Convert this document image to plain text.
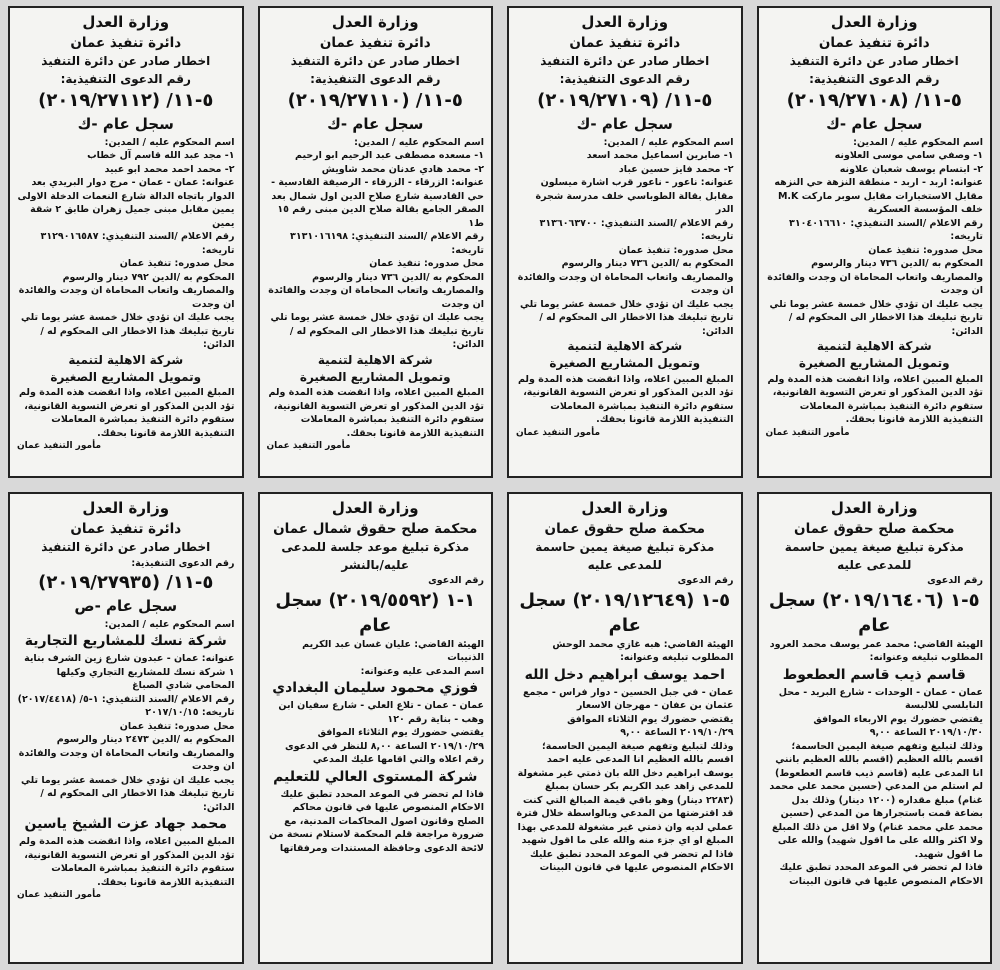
وزارة العدل
دائرة تنفيذ عمان
اخطار صادر عن دائرة التنفيذ
رقم الدعوى التنفيذية:
٥-١١/ (٢٠١٩/٢٧١١٢)
سجل عام -ك
اسم المحكوم عليه / المدين:

١- مجد عبد الله قاسم آل خطاب

٢- محمد احمد محمد ابو عبيد

عنوانه: عمان - عمان - مرج دوار البريدي بعد الدوار باتجاه الدالة شارع النعمات الدخلة الاولى يمين مقابل مبنى جميل زهران طابق ٢ شقة يمين

رقم الاعلام /السند التنفيذي: ٣١٢٩٠١٦٥٨٧ تاريخه:

محل صدوره: تنفيذ عمان

المحكوم به /الدين ٧٩٢ دينار والرسوم والمصاريف واتعاب المحاماة ان وجدت والفائدة ان وجدت

يجب عليك ان تؤدي خلال خمسة عشر يوما تلي تاريخ تبليغك هذا الاخطار الى المحكوم له / الدائن:

شركة الاهلية لتنمية

وتمويل المشاريع الصغيرة

المبلغ المبين اعلاه، واذا انقضت هذه المدة ولم تؤد الدين المذكور او تعرض التسوية القانونية، ستقوم دائرة التنفيذ بمباشرة المعاملات التنفيذية اللازمة قانونا بحقك.

مأمور التنفيذ عمان

وزارة العدل
دائرة تنفيذ عمان
اخطار صادر عن دائرة التنفيذ
رقم الدعوى التنفيذية:
٥-١١/ (٢٠١٩/٢٧١١٠)
سجل عام -ك
اسم المحكوم عليه / المدين:

١- مسعده مصطفى عبد الرحيم ابو ارحيم

٢- محمد هادي عدنان محمد شاويش

عنوانه: الزرقاء - الزرقاء - الرصيفة القادسية - حي القادسية شارع صلاح الدين اول شمال بعد الصقر الجامع بقالة صلاح الدين مبنى رقم ١٥ ط١

رقم الاعلام /السند التنفيذي: ٣١٣١٠١٦١٩٨ تاريخه:

محل صدوره: تنفيذ عمان

المحكوم به /الدين ٧٣٦ دينار والرسوم والمصاريف واتعاب المحاماة ان وجدت والفائدة ان وجدت

يجب عليك ان تؤدي خلال خمسة عشر يوما تلي تاريخ تبليغك هذا الاخطار الى المحكوم له / الدائن:

شركة الاهلية لتنمية

وتمويل المشاريع الصغيرة

المبلغ المبين اعلاه، واذا انقضت هذه المدة ولم تؤد الدين المذكور او تعرض التسوية القانونية، ستقوم دائرة التنفيذ بمباشرة المعاملات التنفيذية اللازمة قانونا بحقك.

مأمور التنفيذ عمان

وزارة العدل
دائرة تنفيذ عمان
اخطار صادر عن دائرة التنفيذ
رقم الدعوى التنفيذية:
٥-١١/ (٢٠١٩/٢٧١٠٩)
سجل عام -ك
اسم المحكوم عليه / المدين:

١- صابرين اسماعيل محمد اسعد

٢- محمد فايز حسين عباد

عنوانه: ناعور - ناعور قرب اشارة ميسلون مقابل بقالة الطوباسي خلف مدرسة شجرة الدر

رقم الاعلام /السند التنفيذي: ٣١٣٦٠٦٣٧٠٠ تاريخه:

محل صدوره: تنفيذ عمان

المحكوم به /الدين ٧٣٦ دينار والرسوم والمصاريف واتعاب المحاماة ان وجدت والفائدة ان وجدت

يجب عليك ان تؤدي خلال خمسة عشر يوما تلي تاريخ تبليغك هذا الاخطار الى المحكوم له / الدائن:

شركة الاهلية لتنمية

وتمويل المشاريع الصغيرة

المبلغ المبين اعلاه، واذا انقضت هذه المدة ولم تؤد الدين المذكور او تعرض التسوية القانونية، ستقوم دائرة التنفيذ بمباشرة المعاملات التنفيذية اللازمة قانونا بحقك.

مأمور التنفيذ عمان

وزارة العدل
دائرة تنفيذ عمان
اخطار صادر عن دائرة التنفيذ
رقم الدعوى التنفيذية:
٥-١١/ (٢٠١٩/٢٧١٠٨)
سجل عام -ك
اسم المحكوم عليه / المدين:

١- وصفي سامي موسى العلاونه

٢- ابتسام يوسف شعبان علاونه

عنوانه: اربد - اربد - منطقة النزهة حي النزهه مقابل الاستخبارات مقابل سوبر ماركت M.K خلف المؤسسة العسكرية

رقم الاعلام /السند التنفيذي: ٣١٠٤٠١٦٦١٠ تاريخه:

محل صدوره: تنفيذ عمان

المحكوم به /الدين ٧٣٦ دينار والرسوم والمصاريف واتعاب المحاماة ان وجدت والفائدة ان وجدت

يجب عليك ان تؤدي خلال خمسة عشر يوما تلي تاريخ تبليغك هذا الاخطار الى المحكوم له / الدائن:

شركة الاهلية لتنمية

وتمويل المشاريع الصغيرة

المبلغ المبين اعلاه، واذا انقضت هذه المدة ولم تؤد الدين المذكور او تعرض التسوية القانونية، ستقوم دائرة التنفيذ بمباشرة المعاملات التنفيذية اللازمة قانونا بحقك.

مأمور التنفيذ عمان

وزارة العدل
دائرة تنفيذ عمان
اخطار صادر عن دائرة التنفيذ
رقم الدعوى التنفيذية:
٥-١١/ (٢٠١٩/٢٧٩٣٥)

سجل عام -ص

اسم المحكوم عليه / المدين:

شركة نسك للمشاريع التجارية

عنوانه: عمان - عبدون شارع زين الشرف بناية ١ شركة نسك للمشاريع التجاري وكيلها المحامي شادي الصباغ

رقم الاعلام /السند التنفيذي: ١-٥/ (٢٠١٧/٤٤١٨) تاريخه: ٢٠١٧/١٠/١٥

محل صدوره: تنفيذ عمان

المحكوم به /الدين ٢٤٧٣ دينار والرسوم والمصاريف واتعاب المحاماة ان وجدت والفائدة ان وجدت

يجب عليك ان تؤدي خلال خمسة عشر يوما تلي تاريخ تبليغك هذا الاخطار الى المحكوم له / الدائن:

محمد جهاد عزت الشيخ ياسين

المبلغ المبين اعلاه، واذا انقضت هذه المدة ولم تؤد الدين المذكور او تعرض التسوية القانونية، ستقوم دائرة التنفيذ بمباشرة المعاملات التنفيذية اللازمة قانونا بحقك.

مأمور التنفيذ عمان

وزارة العدل
محكمة صلح حقوق شمال عمان
مذكرة تبليغ موعد جلسة للمدعى عليه/بالنشر
رقم الدعوى
١-١ (٢٠١٩/٥٥٩٢) سجل عام

الهيئة القاضي: عليان غسان عبد الكريم الذنيبات

اسم المدعى عليه وعنوانه:

فوزي محمود سليمان البغدادي

عمان - عمان - تلاع العلي - شارع سفيان ابن وهب - بناية رقم ١٢٠

يقتضي حضورك يوم الثلاثاء الموافق ٢٠١٩/١٠/٢٩ الساعة ٨,٠٠ للنظر في الدعوى رقم اعلاه والتي اقامها عليك المدعي

شركة المستوى العالي للتعليم

فاذا لم تحضر في الموعد المحدد تطبق عليك الاحكام المنصوص عليها في قانون محاكم الصلح وقانون اصول المحاكمات المدنية، مع ضرورة مراجعة قلم المحكمة لاستلام نسخة من لائحة الدعوى وحافظة المستندات ومرفقاتها

وزارة العدل
محكمة صلح حقوق عمان
مذكرة تبليغ صيغة يمين حاسمة للمدعى عليه
رقم الدعوى
٥-١ (٢٠١٩/١٢٦٤٩) سجل عام

الهيئة القاضي: هبه غازي محمد الوحش

المطلوب تبليغه وعنوانه:

احمد يوسف ابراهيم دخل الله

عمان - في جبل الحسين - دوار فراس - مجمع عثمان بن عفان - مهرجان الاسعار

يقتضي حضورك يوم الثلاثاء الموافق ٢٠١٩/١٠/٢٩ الساعة ٩,٠٠

وذلك لتبليغ وتفهم صيغة اليمين الحاسمة؛ اقسم بالله العظيم انا المدعى عليه احمد يوسف ابراهيم دخل الله بان ذمتي غير مشغولة للمدعي زاهد عبد الكريم بكر حسان بمبلغ (٢٢٨٣ دينار) وهو باقي قيمة المبالغ التي كنت قد اقترضتها من المدعي وبالواسطة خلال فترة عملي لديه وان ذمتي غير مشغولة للمدعي بهذا المبلغ او اي جزء منه والله على ما اقول شهيد

فاذا لم تحضر في الموعد المحدد تطبق عليك الاحكام المنصوص عليها في قانون البينات

وزارة العدل
محكمة صلح حقوق عمان
مذكرة تبليغ صيغة يمين حاسمة للمدعى عليه
رقم الدعوى
٥-١ (٢٠١٩/١٦٤٠٦) سجل عام

الهيئة القاضي: محمد عمر يوسف محمد العرود

المطلوب تبليغه وعنوانه:

قاسم ذيب قاسم العطعوط

عمان - عمان - الوحدات - شارع البريد - محل النابلسي للالبسة

يقتضي حضورك يوم الاربعاء الموافق ٢٠١٩/١٠/٣٠ الساعة ٩,٠٠

وذلك لتبليغ وتفهم صيغة اليمين الحاسمة؛ اقسم بالله العظيم (اقسم بالله العظيم بانني انا المدعى عليه (قاسم ذيب قاسم العطعوط) لم استلم من المدعي (حسين محمد علي محمد غنام) مبلغ مقداره (١٢٠٠ دينار) وذلك بدل بضاعة قمت باستجرارها من المدعي (حسين محمد علي محمد غنام) ولا اقل من ذلك المبلغ ولا اكثر والله على ما اقول شهيد) والله على ما اقول شهيد.

فاذا لم تحضر في الموعد المحدد تطبق عليك الاحكام المنصوص عليها في قانون البينات
